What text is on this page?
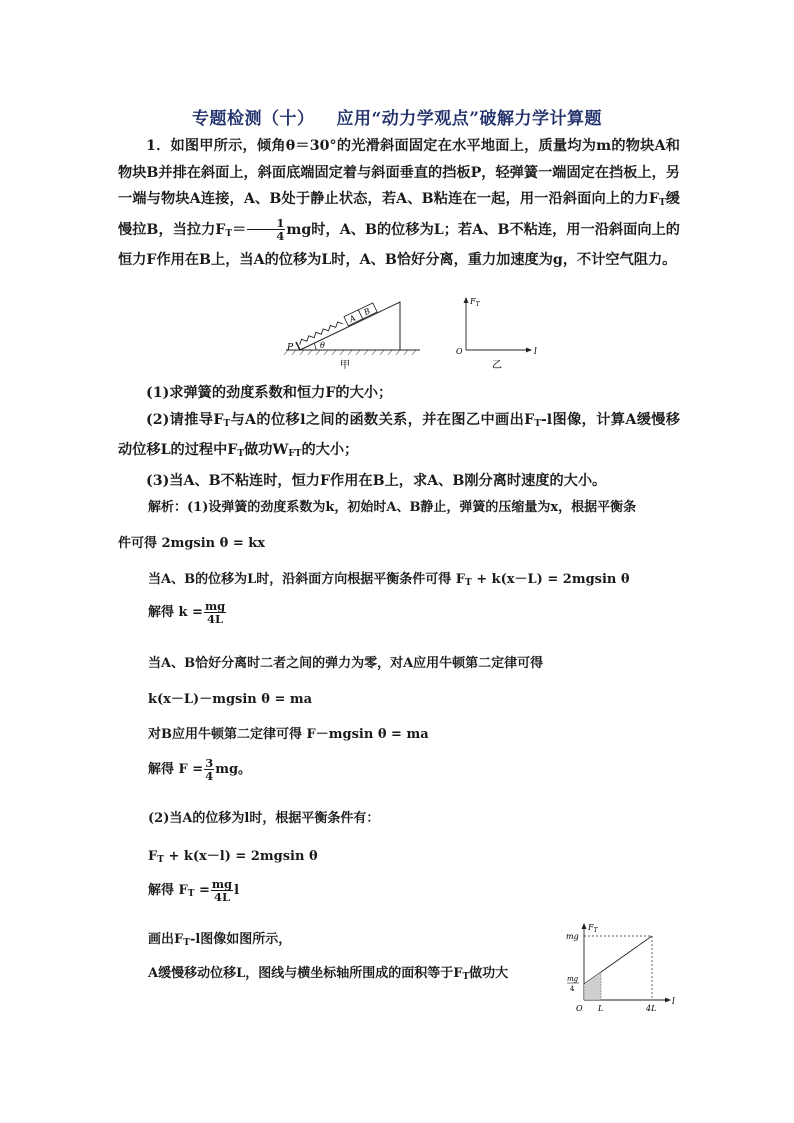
专题检测（十） 应用“动力学观点”破解力学计算题

1．如图甲所示，倾角θ＝30°的光滑斜面固定在水平地面上，质量均为m的物块A和物块B并排在斜面上，斜面底端固定着与斜面垂直的挡板P，轻弹簧一端固定在挡板上，另一端与物块A连接，A、B处于静止状态，若A、B粘连在一起，用一沿斜面向上的力$F_T$缓慢拉B，当拉力$F_T= \frac{1}{4}$ mg时，A、B的位移为L；若A、B不粘连，用一沿斜面向上的恒力F作用在B上，当A的位移为L时，A、B恰好分离，重力加速度为g，不计空气阻力。

A
B
θ
P
甲
$F_T$
O	l
乙

(1)求弹簧的劲度系数和恒力F的大小；

(2)请推导$F_T$与A的位移l之间的函数关系，并在图乙中画出$F_T-l$图像，计算A缓慢移动位移L的过程中$F_T$做功$W_{FT}$的大小；

(3)当A、B不粘连时，恒力F作用在B上，求A、B刚分离时速度的大小。

解析：(1)设弹簧的劲度系数为k，初始时A、B静止，弹簧的压缩量为x，根据平衡条
件可得 2mgsin θ = kx
当A、B的位移为L时，沿斜面方向根据平衡条件可得 $F_T + k(x-L) = 2mgsin$ θ
解得 $k = \frac{mg}{4L}$
当A、B恰好分离时二者之间的弹力为零，对A应用牛顿第二定律可得
k(x－L)－mgsin θ = ma
对B应用牛顿第二定律可得 F－mgsin θ = ma
解得 $F = \frac{3}{4}$ mg。
(2)当A的位移为l时，根据平衡条件有：
$F_T + k(x-l) = 2mgsin$ θ
解得 $F_T = \frac{mg}{4L}$ l
画出$F_T-l$图像如图所示，
A缓慢移动位移L，图线与横坐标轴所围成的面积等于$F_T$做功大
mg
$F_T$
mg
4
O L	4L
l
